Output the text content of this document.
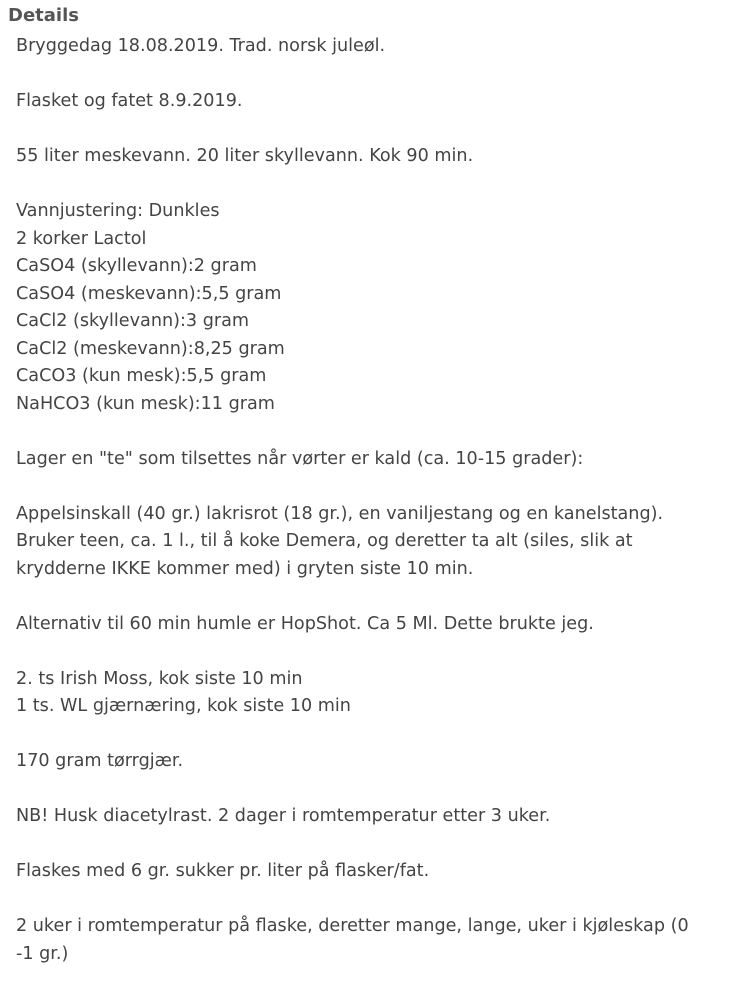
Details
Bryggedag 18.08.2019. Trad. norsk juleøl.
Flasket og fatet 8.9.2019.
55 liter meskevann. 20 liter skyllevann. Kok 90 min.
Vannjustering: Dunkles
2 korker Lactol
CaSO4 (skyllevann):2 gram
CaSO4 (meskevann):5,5 gram
CaCl2 (skyllevann):3 gram
CaCl2 (meskevann):8,25 gram
CaCO3 (kun mesk):5,5 gram
NaHCO3 (kun mesk):11 gram
Lager en "te" som tilsettes når vørter er kald (ca. 10-15 grader):
Appelsinskall (40 gr.) lakrisrot (18 gr.), en vaniljestang og en kanelstang).
Bruker teen, ca. 1 l., til å koke Demera, og deretter ta alt (siles, slik at
krydderne IKKE kommer med) i gryten siste 10 min.
Alternativ til 60 min humle er HopShot. Ca 5 Ml. Dette brukte jeg.
2. ts Irish Moss, kok siste 10 min
1 ts. WL gjærnæring, kok siste 10 min
170 gram tørrgjær.
NB! Husk diacetylrast. 2 dager i romtemperatur etter 3 uker.
Flaskes med 6 gr. sukker pr. liter på flasker/fat.
2 uker i romtemperatur på flaske, deretter mange, lange, uker i kjøleskap (0
-1 gr.)
